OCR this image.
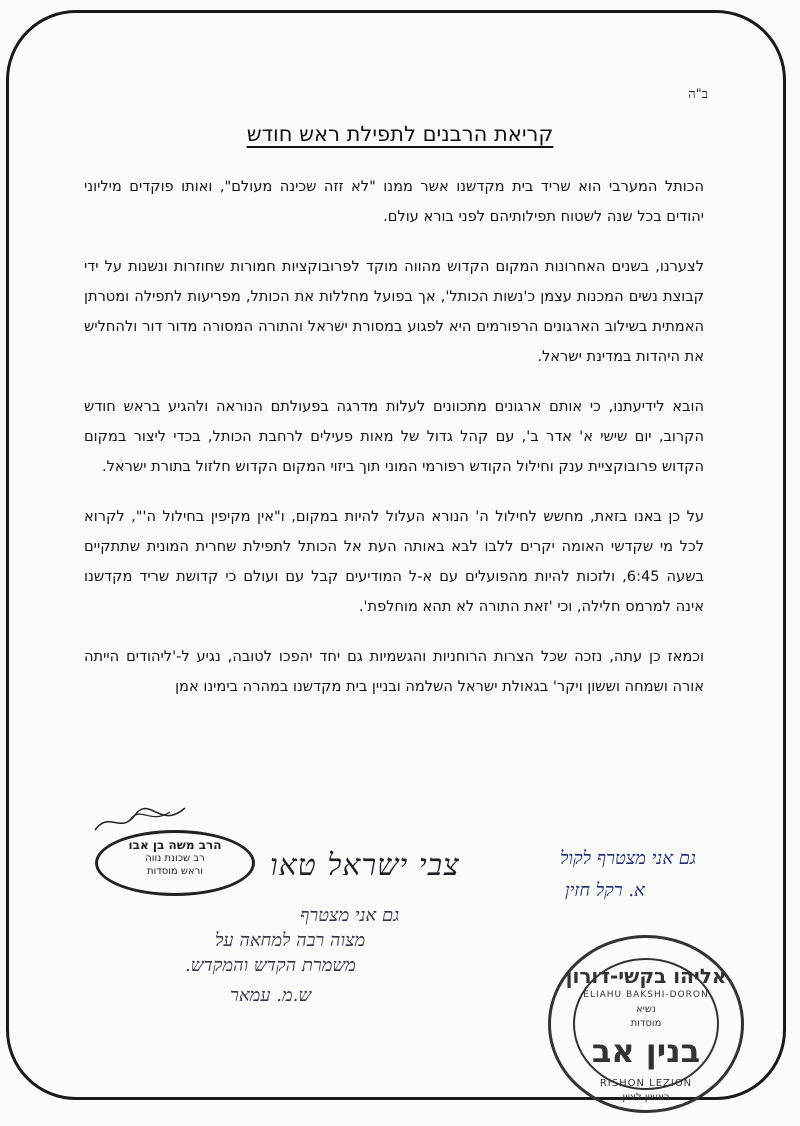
ב"ה
קריאת הרבנים לתפילת ראש חודש

הכותל המערבי הוא שריד בית מקדשנו אשר ממנו "לא זזה שכינה מעולם", ואותו פוקדים מיליוני יהודים בכל שנה לשטוח תפילותיהם לפני בורא עולם.

לצערנו, בשנים האחרונות המקום הקדוש מהווה מוקד לפרובוקציות חמורות שחוזרות ונשנות על ידי קבוצת נשים המכנות עצמן כ'נשות הכותל', אך בפועל מחללות את הכותל, מפריעות לתפילה ומטרתן האמתית בשילוב הארגונים הרפורמים היא לפגוע במסורת ישראל והתורה המסורה מדור דור ולהחליש את היהדות במדינת ישראל.

הובא לידיעתנו, כי אותם ארגונים מתכוונים לעלות מדרגה בפעולתם הנוראה ולהגיע בראש חודש הקרוב, יום שישי א' אדר ב', עם קהל גדול של מאות פעילים לרחבת הכותל, בכדי ליצור במקום הקדוש פרובוקציית ענק וחילול הקודש רפורמי המוני תוך ביזוי המקום הקדוש חלזול בתורת ישראל.

על כן באנו בזאת, מחשש לחילול ה' הנורא העלול להיות במקום, ו"אין מקיפין בחילול ה'", לקרוא לכל מי שקדשי האומה יקרים ללבו לבא באותה העת אל הכותל לתפילת שחרית המונית שתתקיים בשעה 6:45, ולזכות להיות מהפועלים עם א-ל המודיעים קבל עם ועולם כי קדושת שריד מקדשנו אינה למרמס חלילה, וכי 'זאת התורה לא תהא מוחלפת'.

וכמאז כן עתה, נזכה שכל הצרות הרוחניות והגשמיות גם יחד יהפכו לטובה, נגיע ל-'ליהודים הייתה אורה ושמחה וששון ויקר' בגאולת ישראל השלמה ובניין בית מקדשנו במהרה בימינו אמן

הרב משה בן אבו
רב שכונת נווה
וראש מוסדות	צבי ישראל טאו
גם אני מצטרף
מצוה רבה למחאה על
משמרת הקדש והמקדש.
ש.מ. עמאר
גם אני מצטרף לקול
א. רקל חזין
אליהו בקשי-דורון
ELIAHU BAKSHI-DORON
נשיא
מוסדות
בנין אב
RISHON LEZION
ראשון לציון
